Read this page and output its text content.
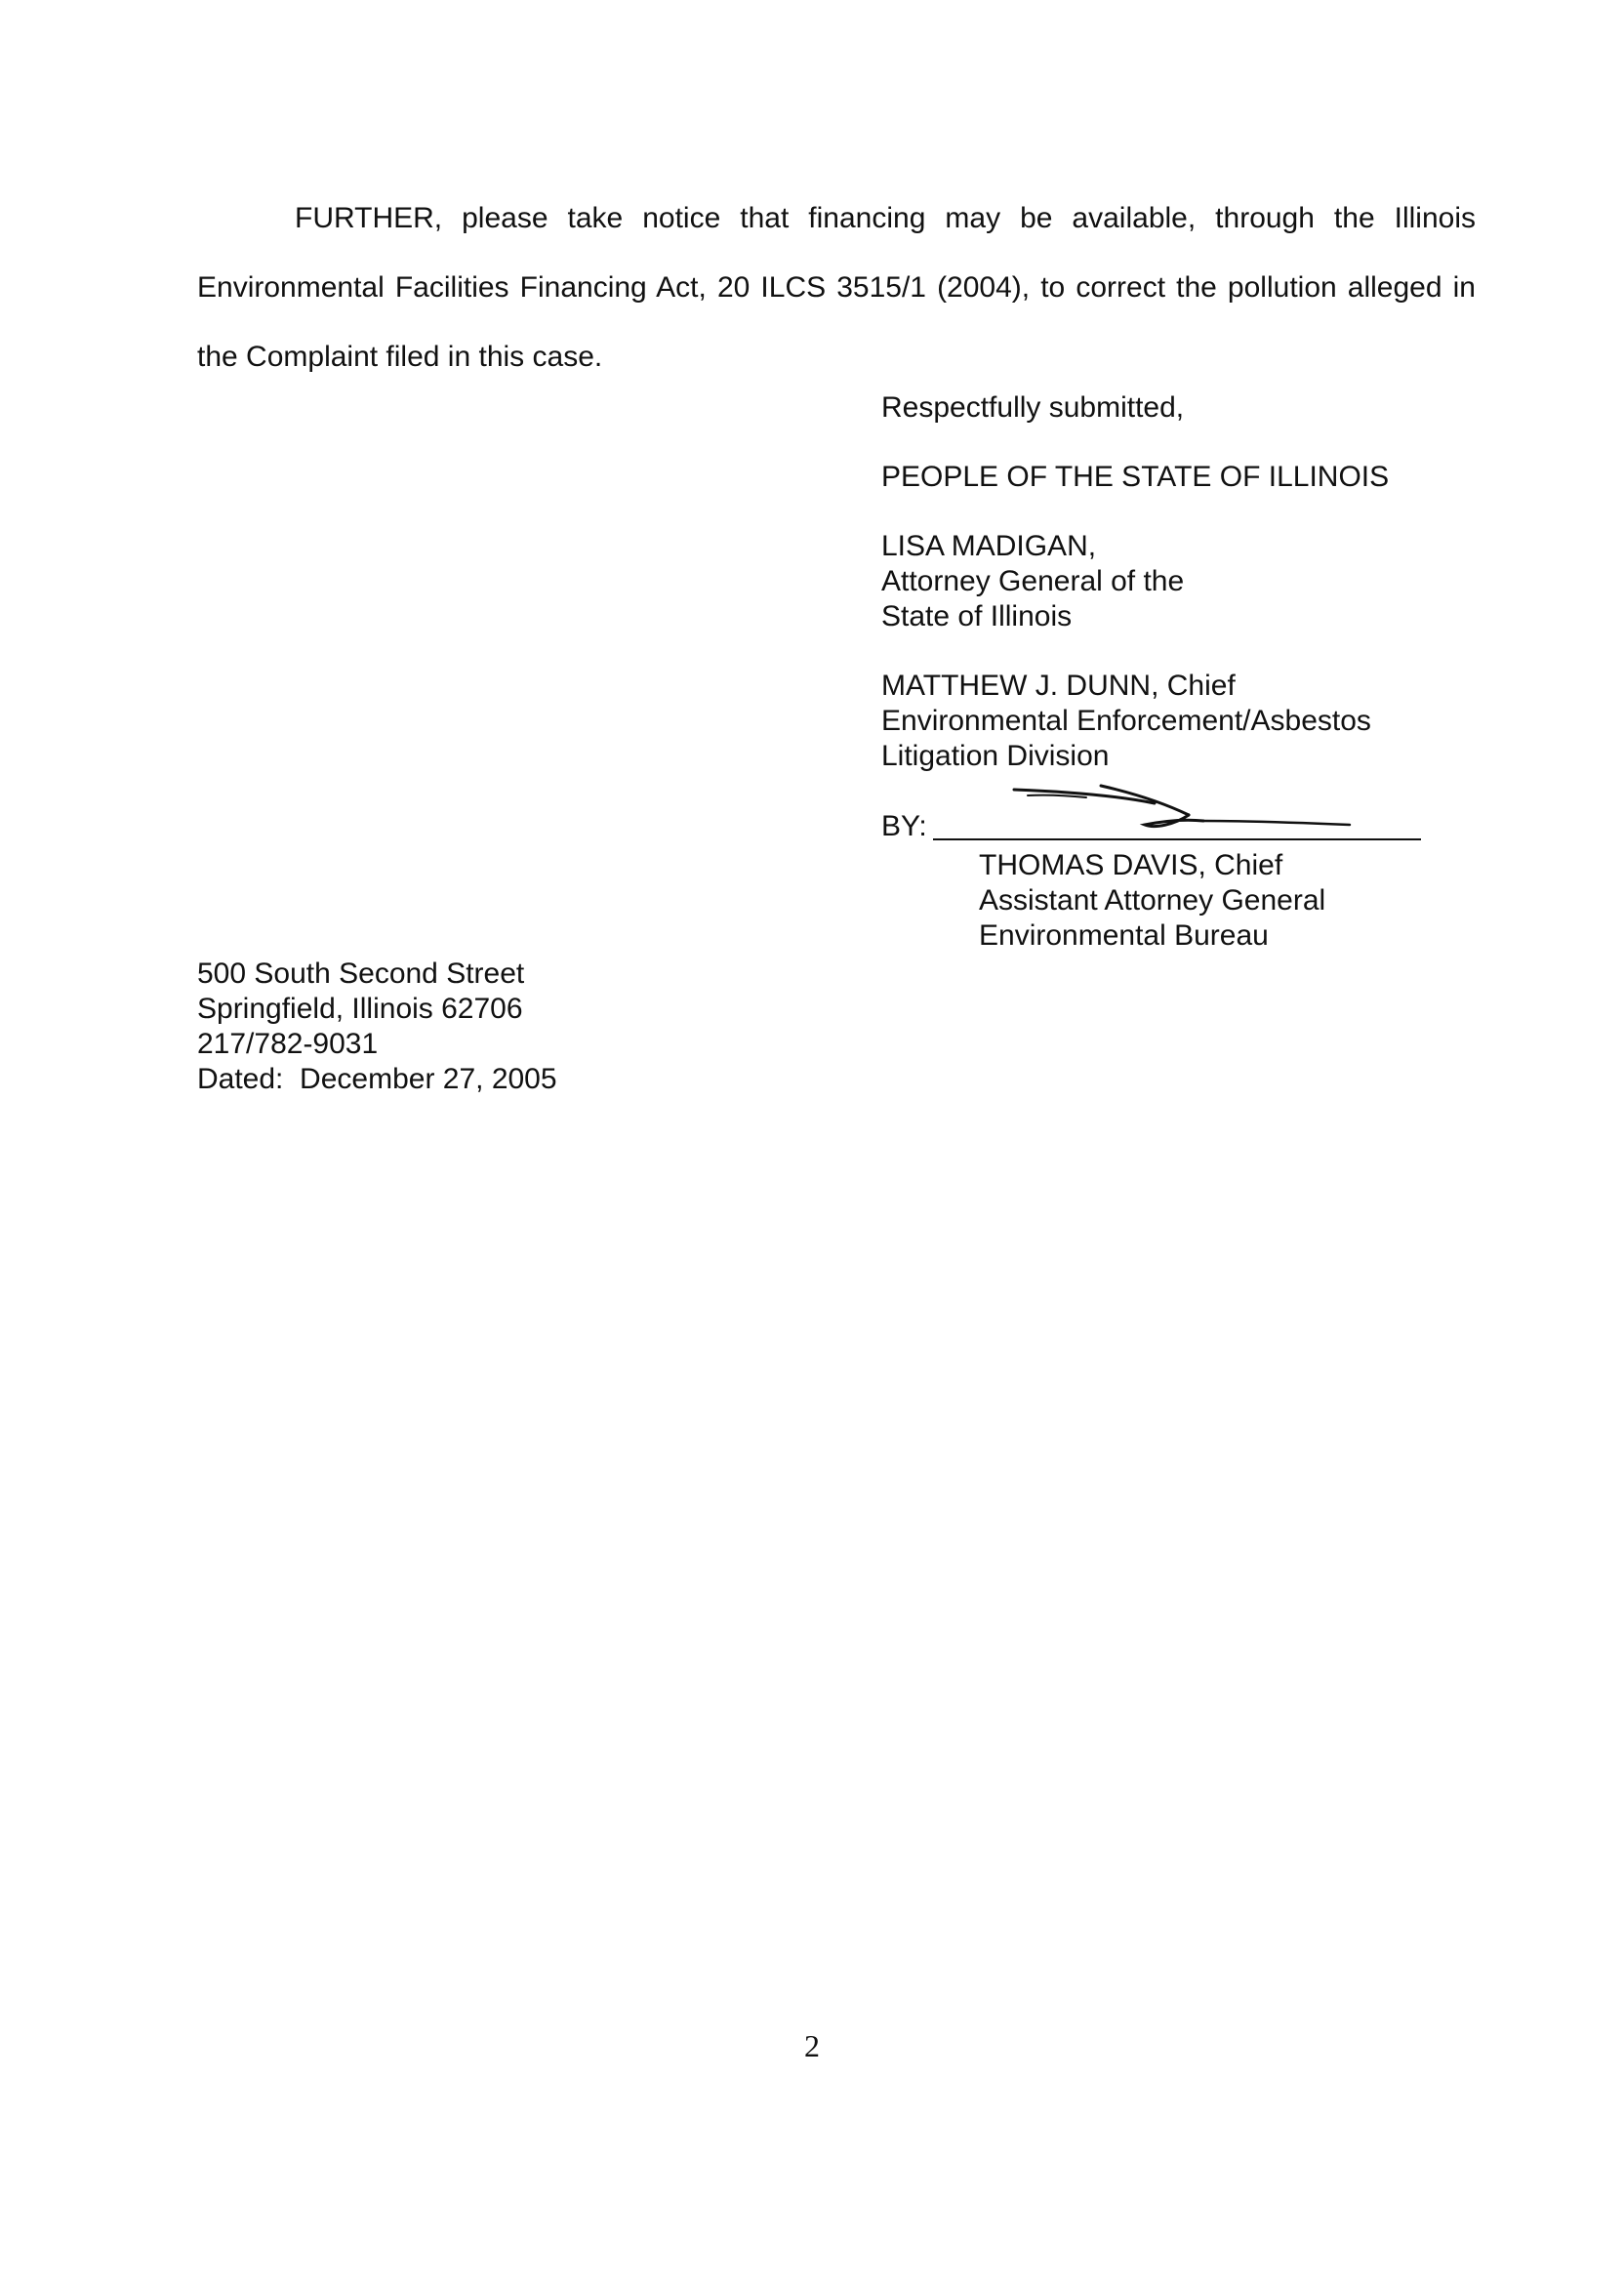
FURTHER, please take notice that financing may be available, through the Illinois Environmental Facilities Financing Act, 20 ILCS 3515/1 (2004), to correct the pollution alleged in the Complaint filed in this case.

Respectfully submitted,
PEOPLE OF THE STATE OF ILLINOIS
LISA MADIGAN,
Attorney General of the
State of Illinois
MATTHEW J. DUNN, Chief
Environmental Enforcement/Asbestos
Litigation Division
BY:
THOMAS DAVIS, Chief
Assistant Attorney General
Environmental Bureau
500 South Second Street
Springfield, Illinois 62706
217/782-9031
Dated:  December 27, 2005
2
